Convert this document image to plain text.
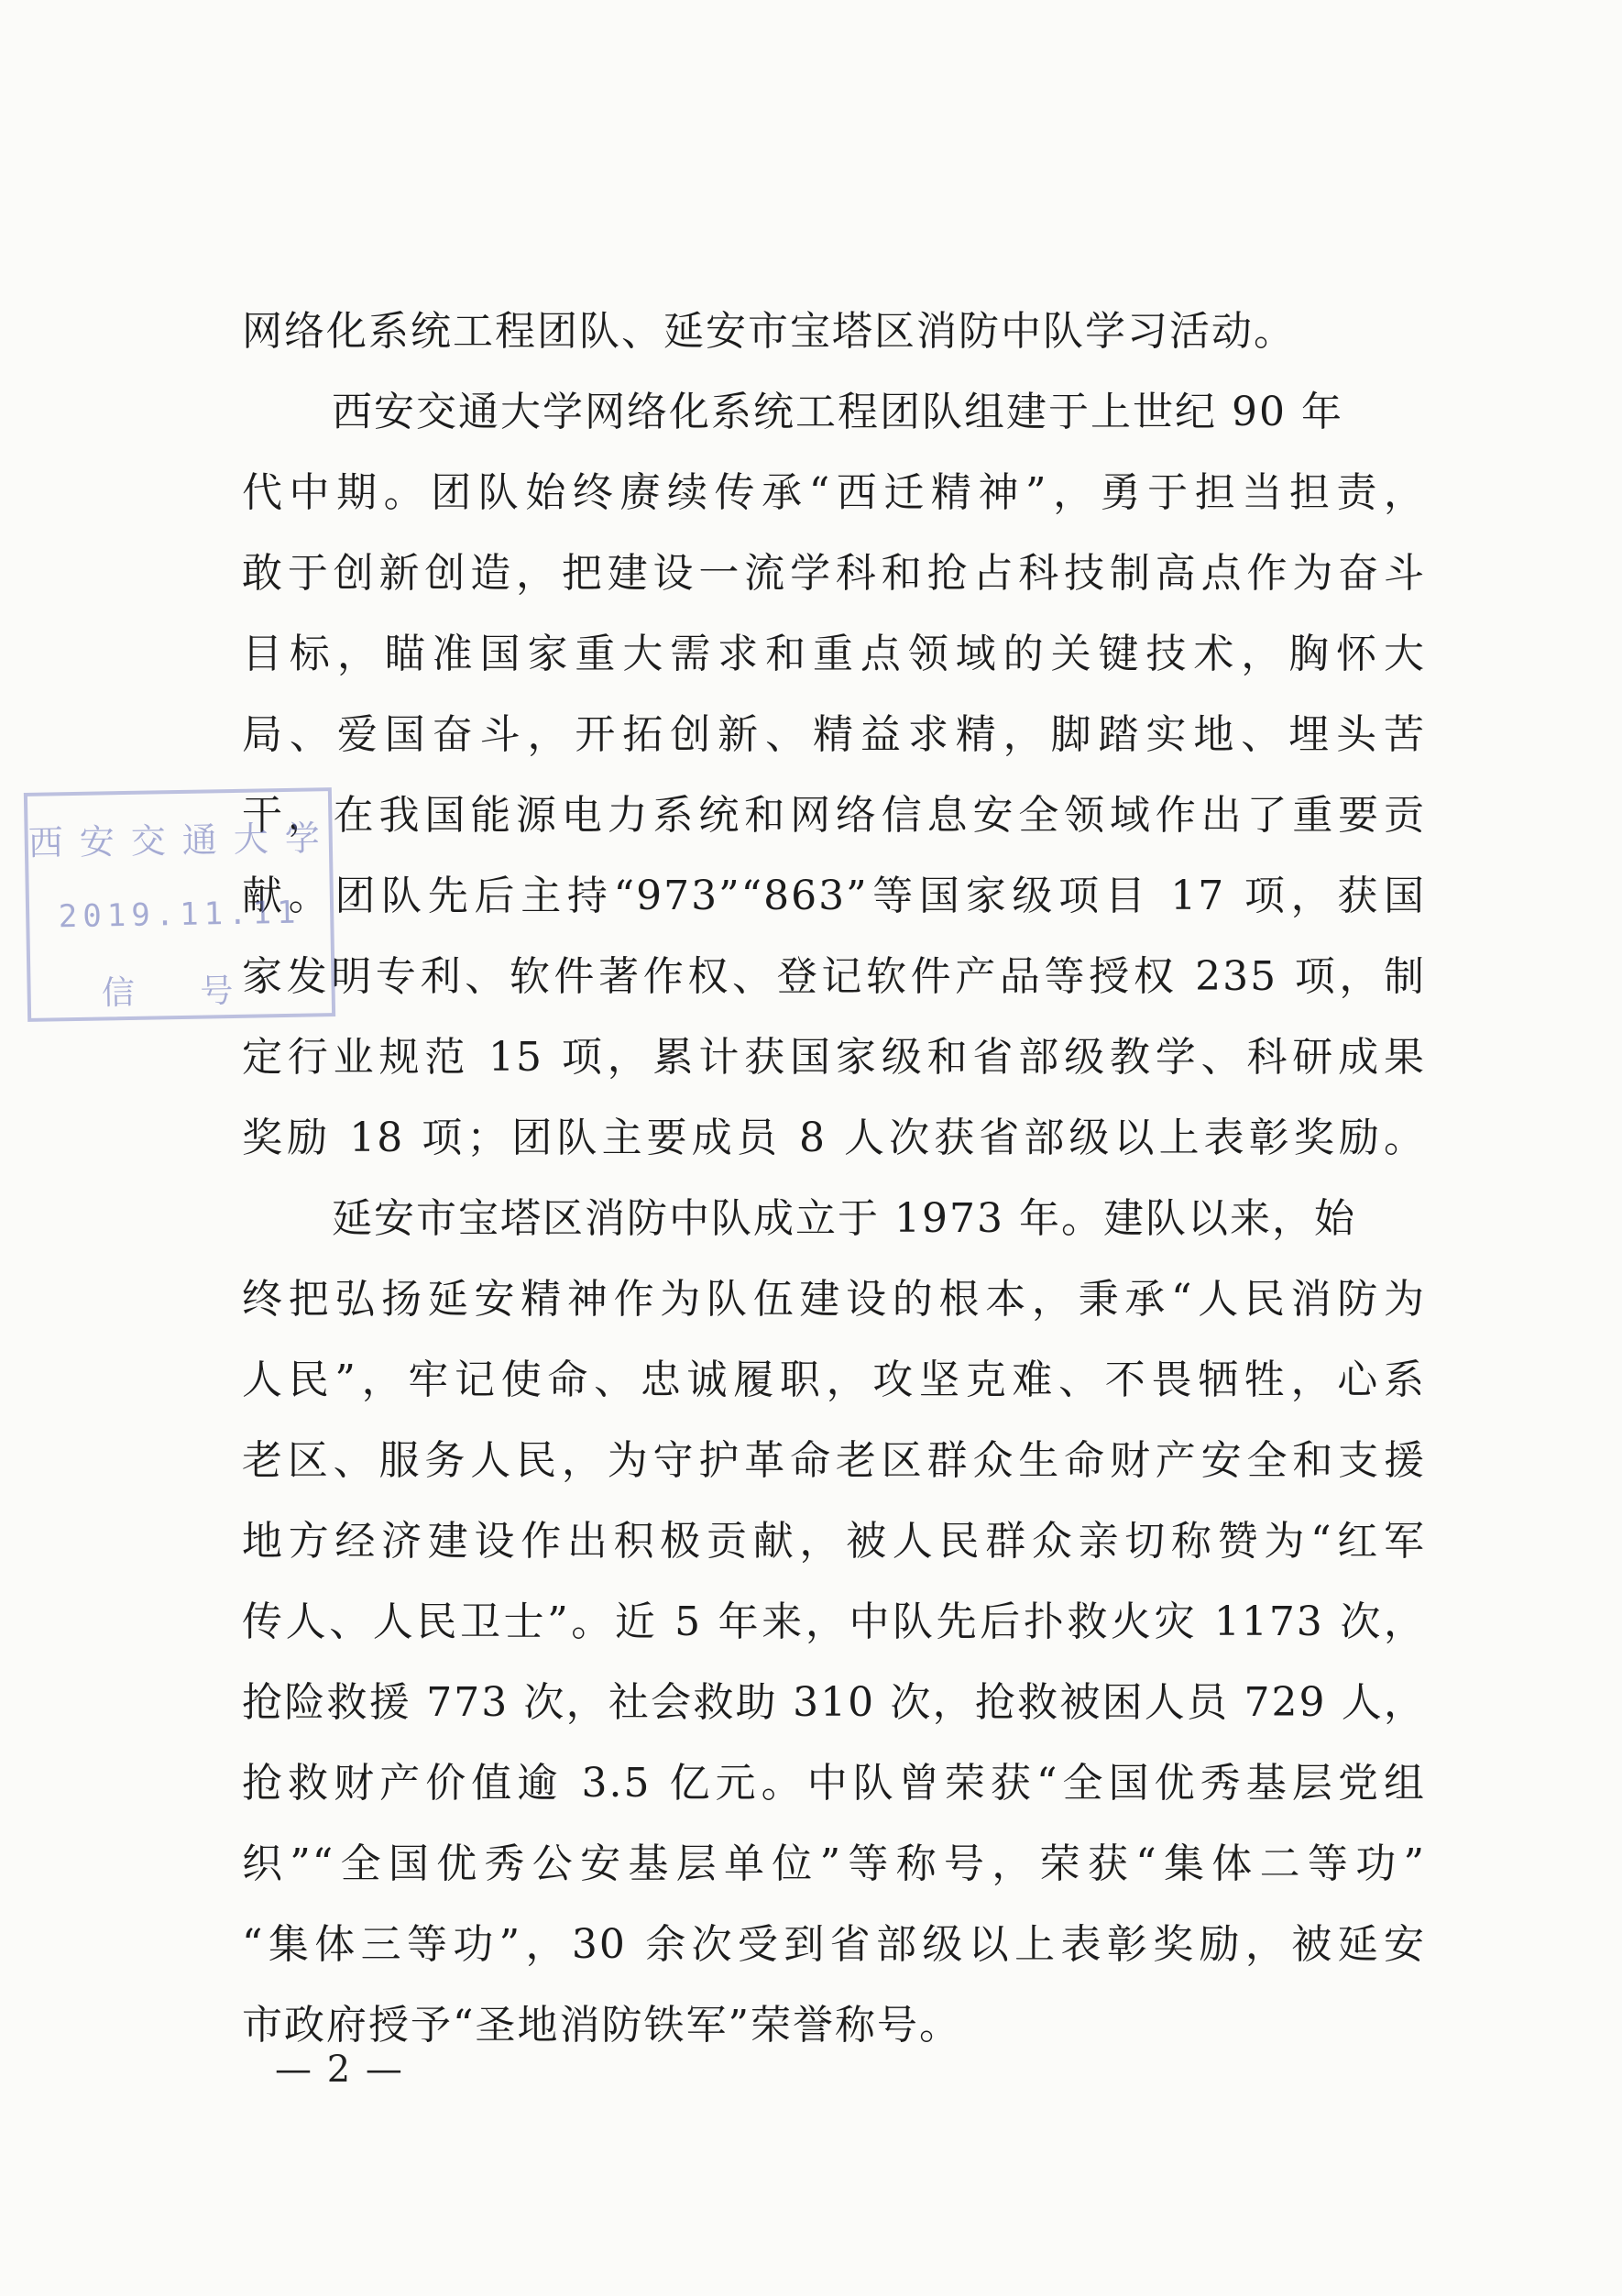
网络化系统工程团队、延安市宝塔区消防中队学习活动。
西安交通大学网络化系统工程团队组建于上世纪 90 年
代中期。团队始终赓续传承“西迁精神”，勇于担当担责，
敢于创新创造，把建设一流学科和抢占科技制高点作为奋斗
目标，瞄准国家重大需求和重点领域的关键技术，胸怀大
局、爱国奋斗，开拓创新、精益求精，脚踏实地、埋头苦
干，在我国能源电力系统和网络信息安全领域作出了重要贡
献。团队先后主持“973”“863”等国家级项目 17 项，获国
家发明专利、软件著作权、登记软件产品等授权 235 项，制
定行业规范 15 项，累计获国家级和省部级教学、科研成果
奖励 18 项；团队主要成员 8 人次获省部级以上表彰奖励。
延安市宝塔区消防中队成立于 1973 年。建队以来，始
终把弘扬延安精神作为队伍建设的根本，秉承“人民消防为
人民”，牢记使命、忠诚履职，攻坚克难、不畏牺牲，心系
老区、服务人民，为守护革命老区群众生命财产安全和支援
地方经济建设作出积极贡献，被人民群众亲切称赞为“红军
传人、人民卫士”。近 5 年来，中队先后扑救火灾 1173 次，
抢险救援 773 次，社会救助 310 次，抢救被困人员 729 人，
抢救财产价值逾 3.5 亿元。中队曾荣获“全国优秀基层党组
织”“全国优秀公安基层单位”等称号，荣获“集体二等功”
“集体三等功”，30 余次受到省部级以上表彰奖励，被延安
市政府授予“圣地消防铁军”荣誉称号。
— 2 —
西安交通大学
2019.11.11
信 号
